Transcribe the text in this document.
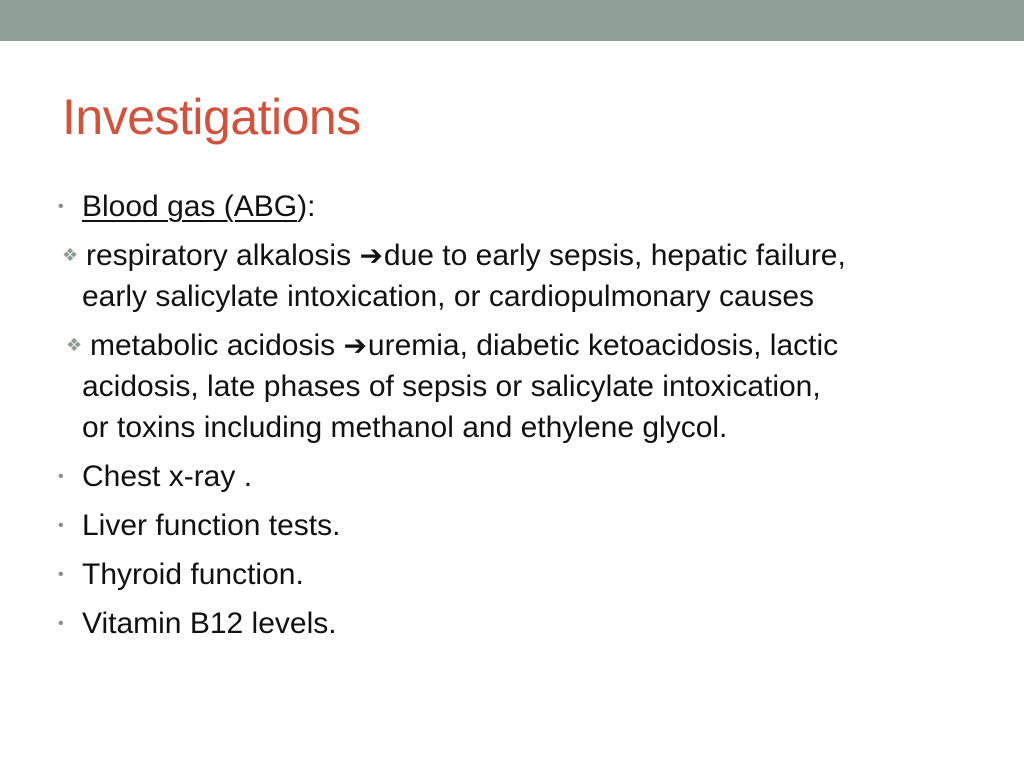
Investigations
• Blood gas (ABG):
❖ respiratory alkalosis ➔due to early sepsis, hepatic failure,
early salicylate intoxication, or cardiopulmonary causes
❖ metabolic acidosis ➔uremia, diabetic ketoacidosis, lactic
acidosis, late phases of sepsis or salicylate intoxication,
or toxins including methanol and ethylene glycol.
• Chest x-ray .
• Liver function tests.
• Thyroid function.
• Vitamin B12 levels.
